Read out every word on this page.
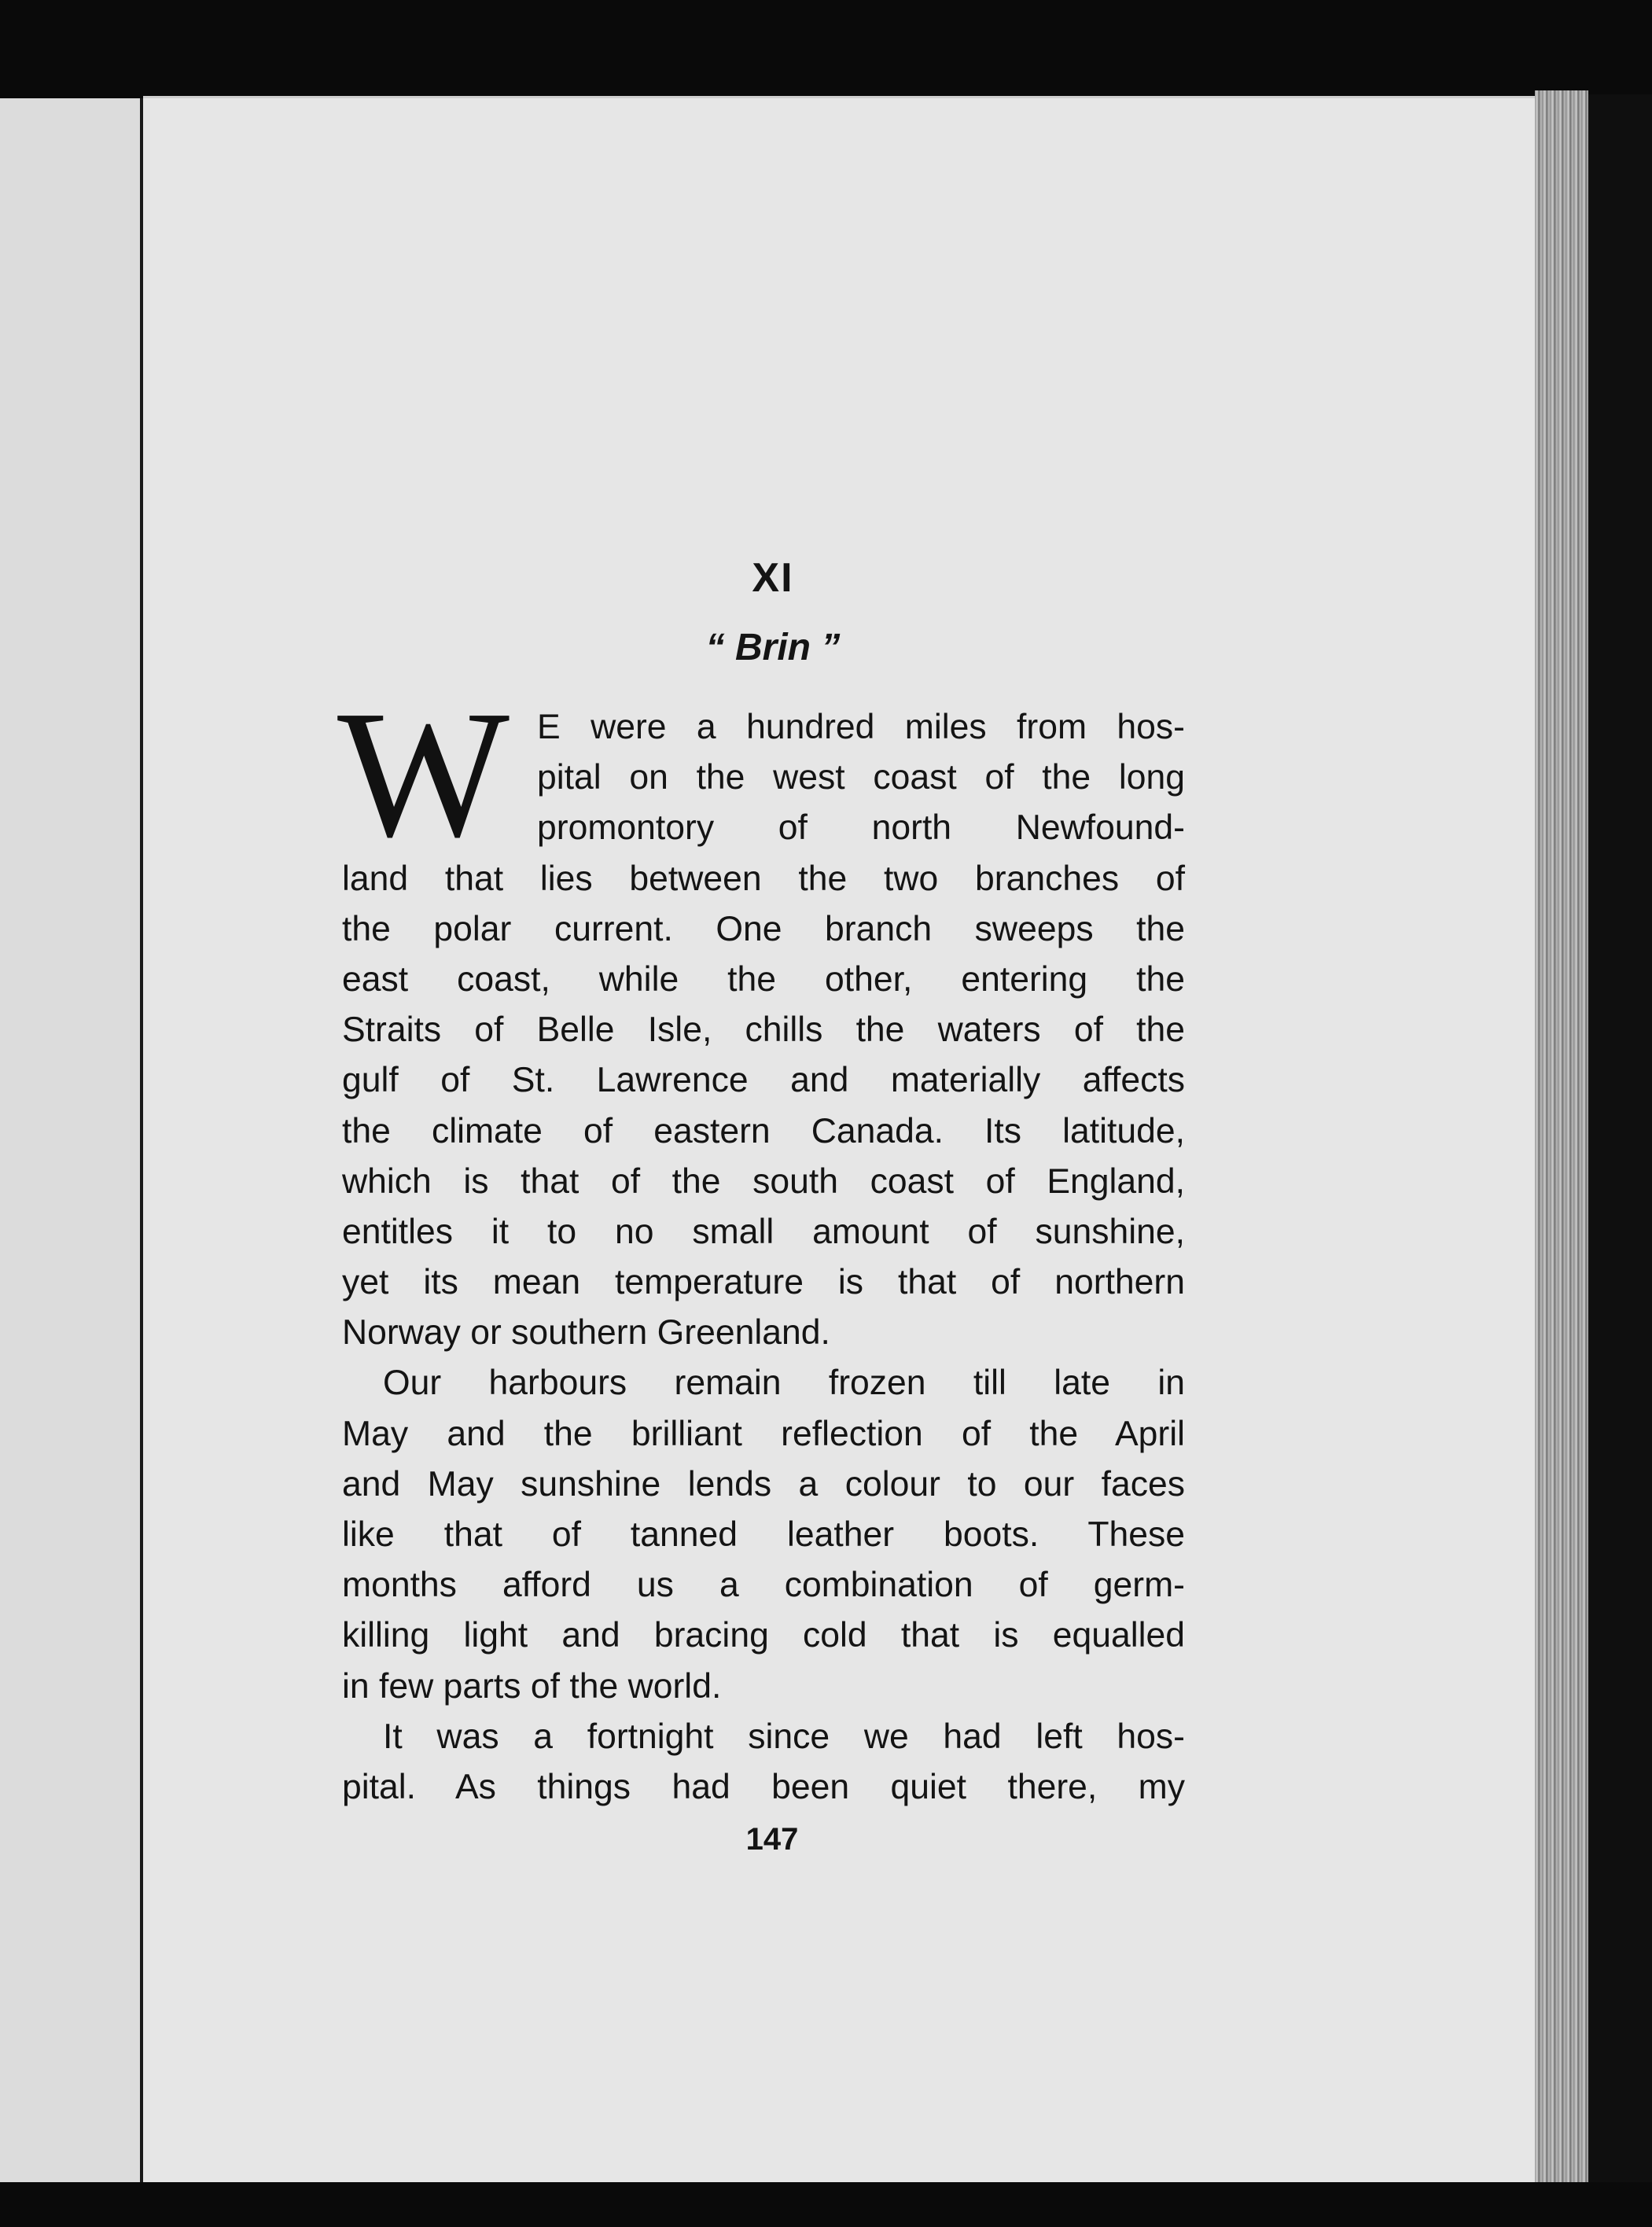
XI
“ Brin ”
W E were a hundred miles from hos-
pital on the west coast of the long
promontory of north Newfound-
land that lies between the two branches of
the polar current. One branch sweeps the
east coast, while the other, entering the
Straits of Belle Isle, chills the waters of the
gulf of St. Lawrence and materially affects
the climate of eastern Canada. Its latitude,
which is that of the south coast of England,
entitles it to no small amount of sunshine,
yet its mean temperature is that of northern
Norway or southern Greenland.
Our harbours remain frozen till late in
May and the brilliant reflection of the April
and May sunshine lends a colour to our faces
like that of tanned leather boots. These
months afford us a combination of germ-
killing light and bracing cold that is equalled
in few parts of the world.
It was a fortnight since we had left hos-
pital. As things had been quiet there, my
147
